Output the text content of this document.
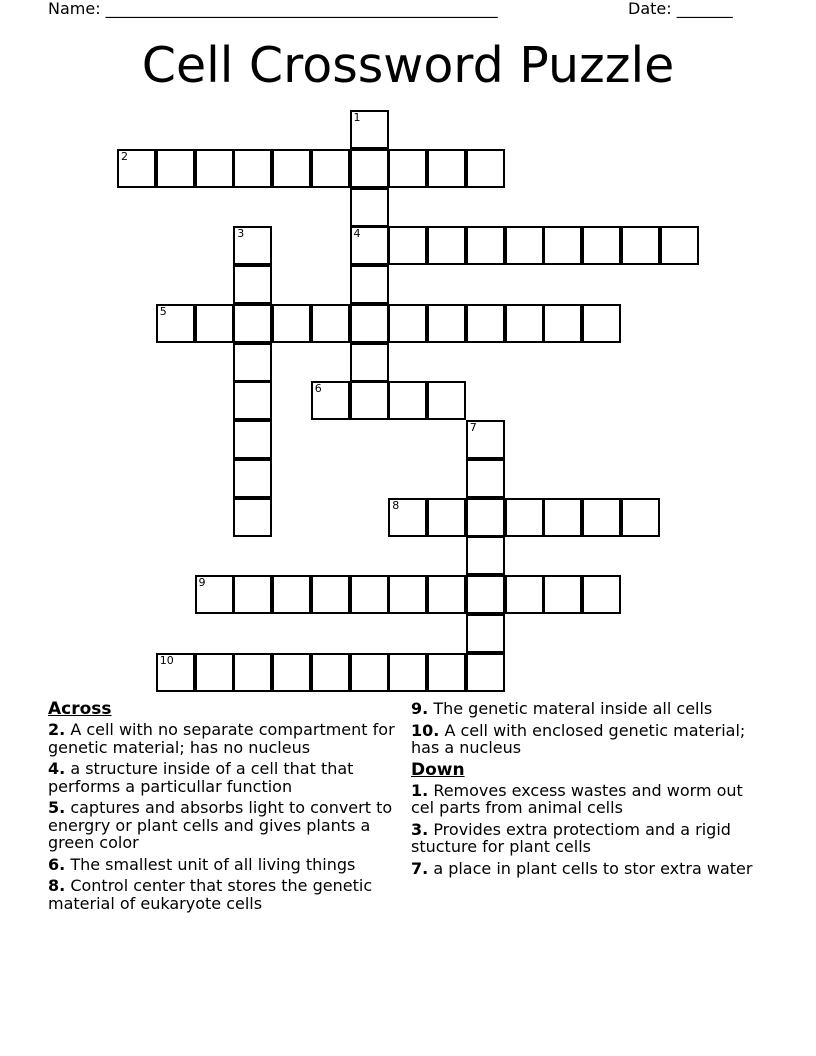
Name: _________________________________________________	Date: _______
Cell Crossword Puzzle
1
4
2
3
5
6
7
8
9
10
Across
2. A cell with no separate compartment for genetic material; has no nucleus
4. a structure inside of a cell that that performs a particullar function
5. captures and absorbs light to convert to energry or plant cells and gives plants a green color
6. The smallest unit of all living things
8. Control center that stores the genetic material of eukaryote cells
9. The genetic materal inside all cells
10. A cell with enclosed genetic material; has a nucleus
Down
1. Removes excess wastes and worm out cel parts from animal cells
3. Provides extra protectiom and a rigid stucture for plant cells
7. a place in plant cells to stor extra water
